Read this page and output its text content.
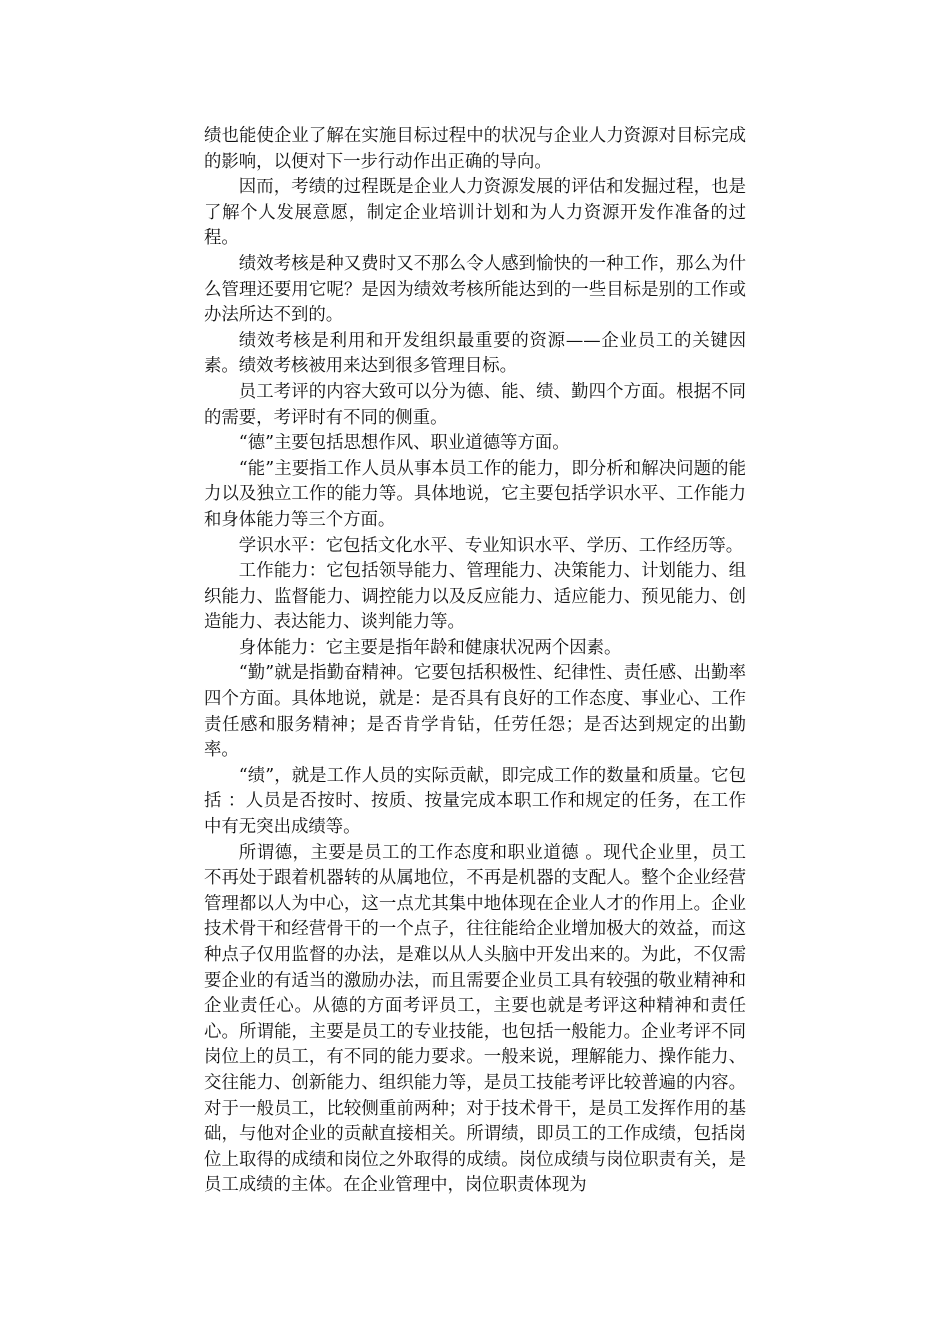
绩也能使企业了解在实施目标过程中的状况与企业人力资源对目标完成的影响，以便对下一步行动作出正确的导向。

因而，考绩的过程既是企业人力资源发展的评估和发掘过程，也是了解个人发展意愿，制定企业培训计划和为人力资源开发作准备的过程。

绩效考核是种又费时又不那么令人感到愉快的一种工作，那么为什么管理还要用它呢？是因为绩效考核所能达到的一些目标是别的工作或办法所达不到的。

绩效考核是利用和开发组织最重要的资源——企业员工的关键因素。绩效考核被用来达到很多管理目标。

员工考评的内容大致可以分为德、能、绩、勤四个方面。根据不同的需要，考评时有不同的侧重。

“德”主要包括思想作风、职业道德等方面。

“能”主要指工作人员从事本员工作的能力，即分析和解决问题的能力以及独立工作的能力等。具体地说，它主要包括学识水平、工作能力和身体能力等三个方面。

学识水平：它包括文化水平、专业知识水平、学历、工作经历等。

工作能力：它包括领导能力、管理能力、决策能力、计划能力、组织能力、监督能力、调控能力以及反应能力、适应能力、预见能力、创造能力、表达能力、谈判能力等。

身体能力：它主要是指年龄和健康状况两个因素。

“勤”就是指勤奋精神。它要包括积极性、纪律性、责任感、出勤率四个方面。具体地说，就是：是否具有良好的工作态度、事业心、工作责任感和服务精神；是否肯学肯钻，任劳任怨；是否达到规定的出勤率。

“绩”，就是工作人员的实际贡献，即完成工作的数量和质量。它包括 ：人员是否按时、按质、按量完成本职工作和规定的任务，在工作中有无突出成绩等。

所谓德，主要是员工的工作态度和职业道德 。现代企业里，员工不再处于跟着机器转的从属地位，不再是机器的支配人。整个企业经营管理都以人为中心，这一点尤其集中地体现在企业人才的作用上。企业技术骨干和经营骨干的一个点子，往往能给企业增加极大的效益，而这种点子仅用监督的办法，是难以从人头脑中开发出来的。为此，不仅需要企业的有适当的激励办法，而且需要企业员工具有较强的敬业精神和企业责任心。从德的方面考评员工，主要也就是考评这种精神和责任心。所谓能，主要是员工的专业技能，也包括一般能力。企业考评不同岗位上的员工，有不同的能力要求。一般来说，理解能力、操作能力、交往能力、创新能力、组织能力等，是员工技能考评比较普遍的内容。对于一般员工，比较侧重前两种；对于技术骨干，是员工发挥作用的基础，与他对企业的贡献直接相关。所谓绩，即员工的工作成绩，包括岗位上取得的成绩和岗位之外取得的成绩。岗位成绩与岗位职责有关，是员工成绩的主体。在企业管理中，岗位职责体现为
